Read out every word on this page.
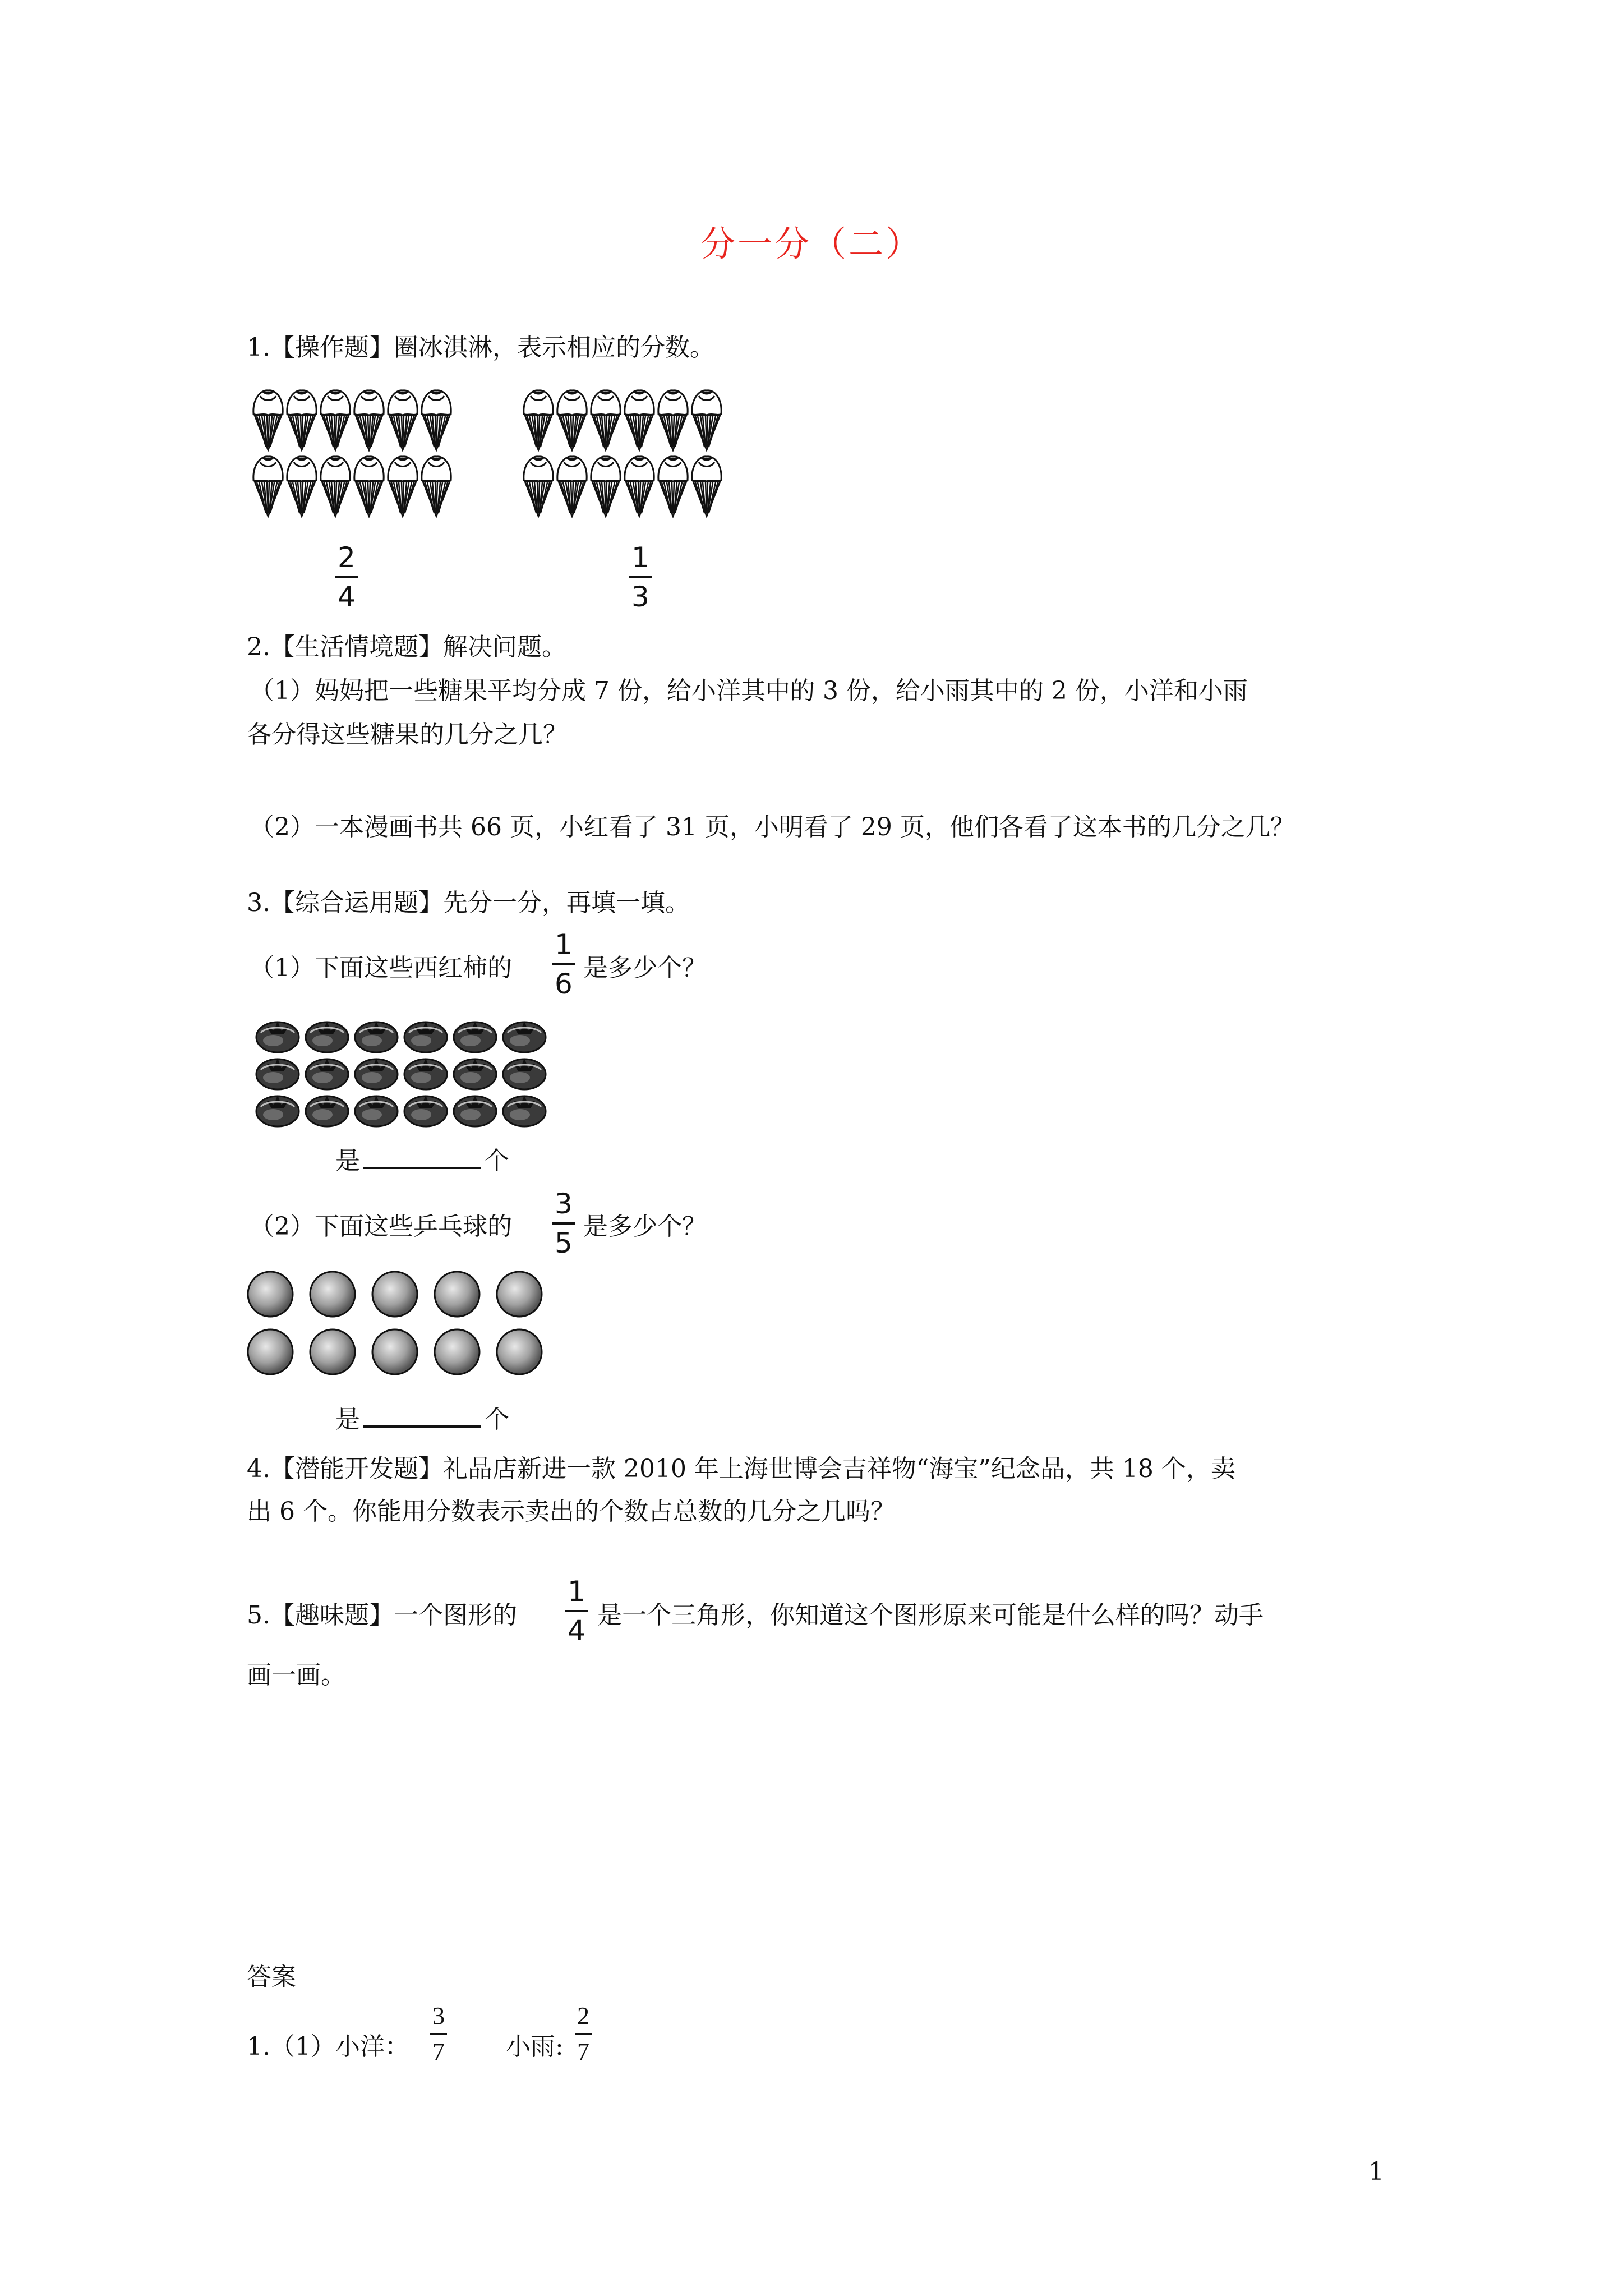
分一分（二）
1.【操作题】圈冰淇淋，表示相应的分数。
2
4
1
3
2.【生活情境题】解决问题。
（1）妈妈把一些糖果平均分成 7 份，给小洋其中的 3 份，给小雨其中的 2 份，小洋和小雨
各分得这些糖果的几分之几？
（2）一本漫画书共 66 页，小红看了 31 页，小明看了 29 页，他们各看了这本书的几分之几？
3.【综合运用题】先分一分，再填一填。
（1）下面这些西红柿的
1
6 是多少个？
是	个
（2）下面这些乒乓球的
3
5
是多少个？
是	个
4.【潜能开发题】礼品店新进一款 2010 年上海世博会吉祥物“海宝”纪念品，共 18 个，卖
出 6 个。你能用分数表示卖出的个数占总数的几分之几吗？
5.【趣味题】一个图形的
1
4 是一个三角形，你知道这个图形原来可能是什么样的吗？动手
画一画。
答案
1.（1）小洋：
3
7 小雨:
2
7
1
